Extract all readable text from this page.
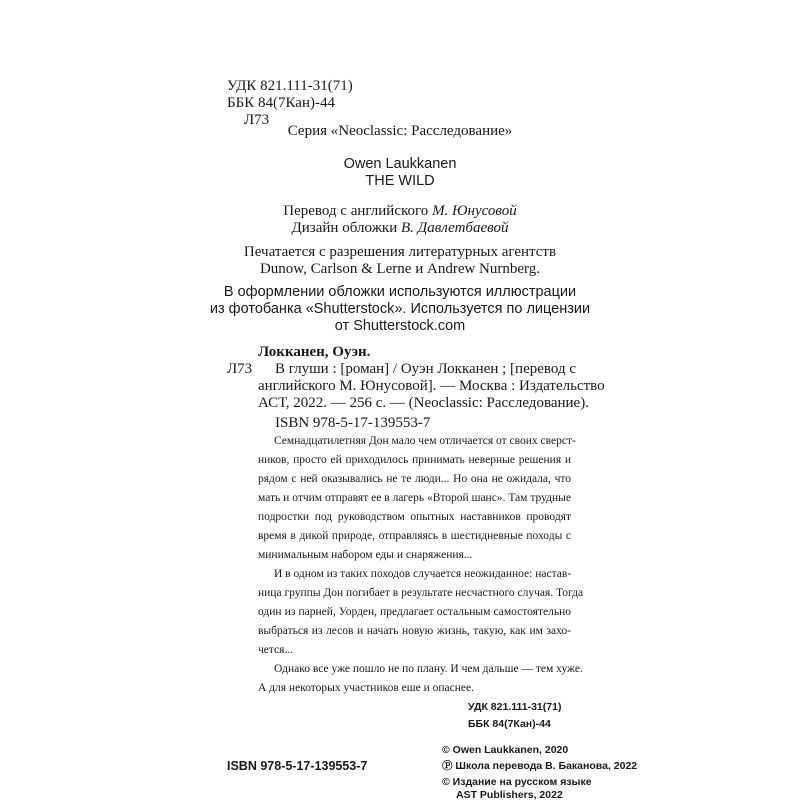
УДК 821.111-31(71)
ББК 84(7Кан)-44
Л73
Серия «Neoclassic: Расследование»
Owen Laukkanen
THE WILD
Перевод с английского М. Юнусовой
Дизайн обложки В. Давлетбаевой
Печатается с разрешения литературных агентств
Dunow, Carlson & Lerne и Andrew Nurnberg.
В оформлении обложки используются иллюстрации
из фотобанка «Shutterstock». Используется по лицензии
от Shutterstock.com
Локканен, Оуэн.
Л73 В глуши : [роман] / Оуэн Локканен ; [перевод с
английского М. Юнусовой]. — Москва : Издательство
АСТ, 2022. — 256 с. — (Neoclassic: Расследование).
ISBN 978-5-17-139553-7
Семнадцатилетняя Дон мало чем отличается от своих сверст-
ников, просто ей приходилось принимать неверные решения и
рядом с ней оказывались не те люди... Но она не ожидала, что
мать и отчим отправят ее в лагерь «Второй шанс». Там трудные
подростки под руководством опытных наставников проводят
время в дикой природе, отправляясь в шестидневные походы с
минимальным набором еды и снаряжения...
И в одном из таких походов случается неожиданное: настав-
ница группы Дон погибает в результате несчастного случая. Тогда
один из парней, Уорден, предлагает остальным самостоятельно
выбраться из лесов и начать новую жизнь, такую, как им захо-
чется...
Однако все уже пошло не по плану. И чем дальше — тем хуже.
А для некоторых участников еше и опаснее.
УДК 821.111-31(71)
ББК 84(7Кан)-44
ISBN 978-5-17-139553-7
© Owen Laukkanen, 2020
Ⓟ Школа перевода В. Баканова, 2022
© Издание на русском языке
AST Publishers, 2022
